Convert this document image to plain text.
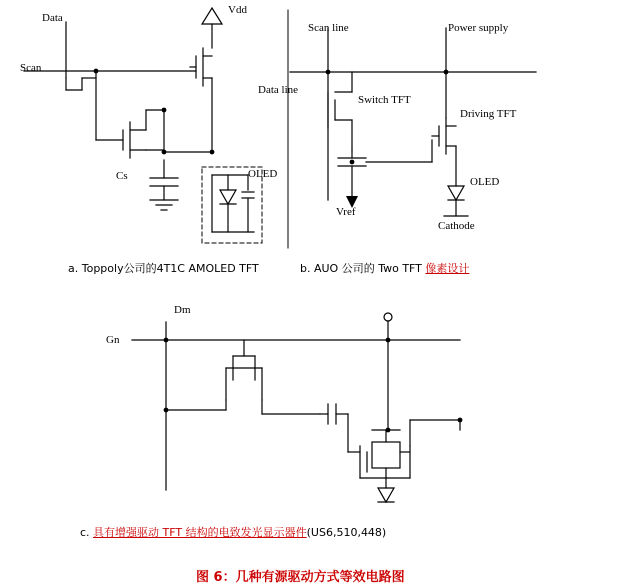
Data
Vdd
Scan
Cs	OLED
Scan line	Power supply
Data line
Switch TFT
Driving TFT
Vref
OLED
Cathode
Dm
Gn
a. Toppoly公司的4T1C AMOLED TFT	b. AUO 公司的 Two TFT 像素设计
c. 具有增强驱动 TFT 结构的电致发光显示器件(US6,510,448)
图 6：几种有源驱动方式等效电路图
